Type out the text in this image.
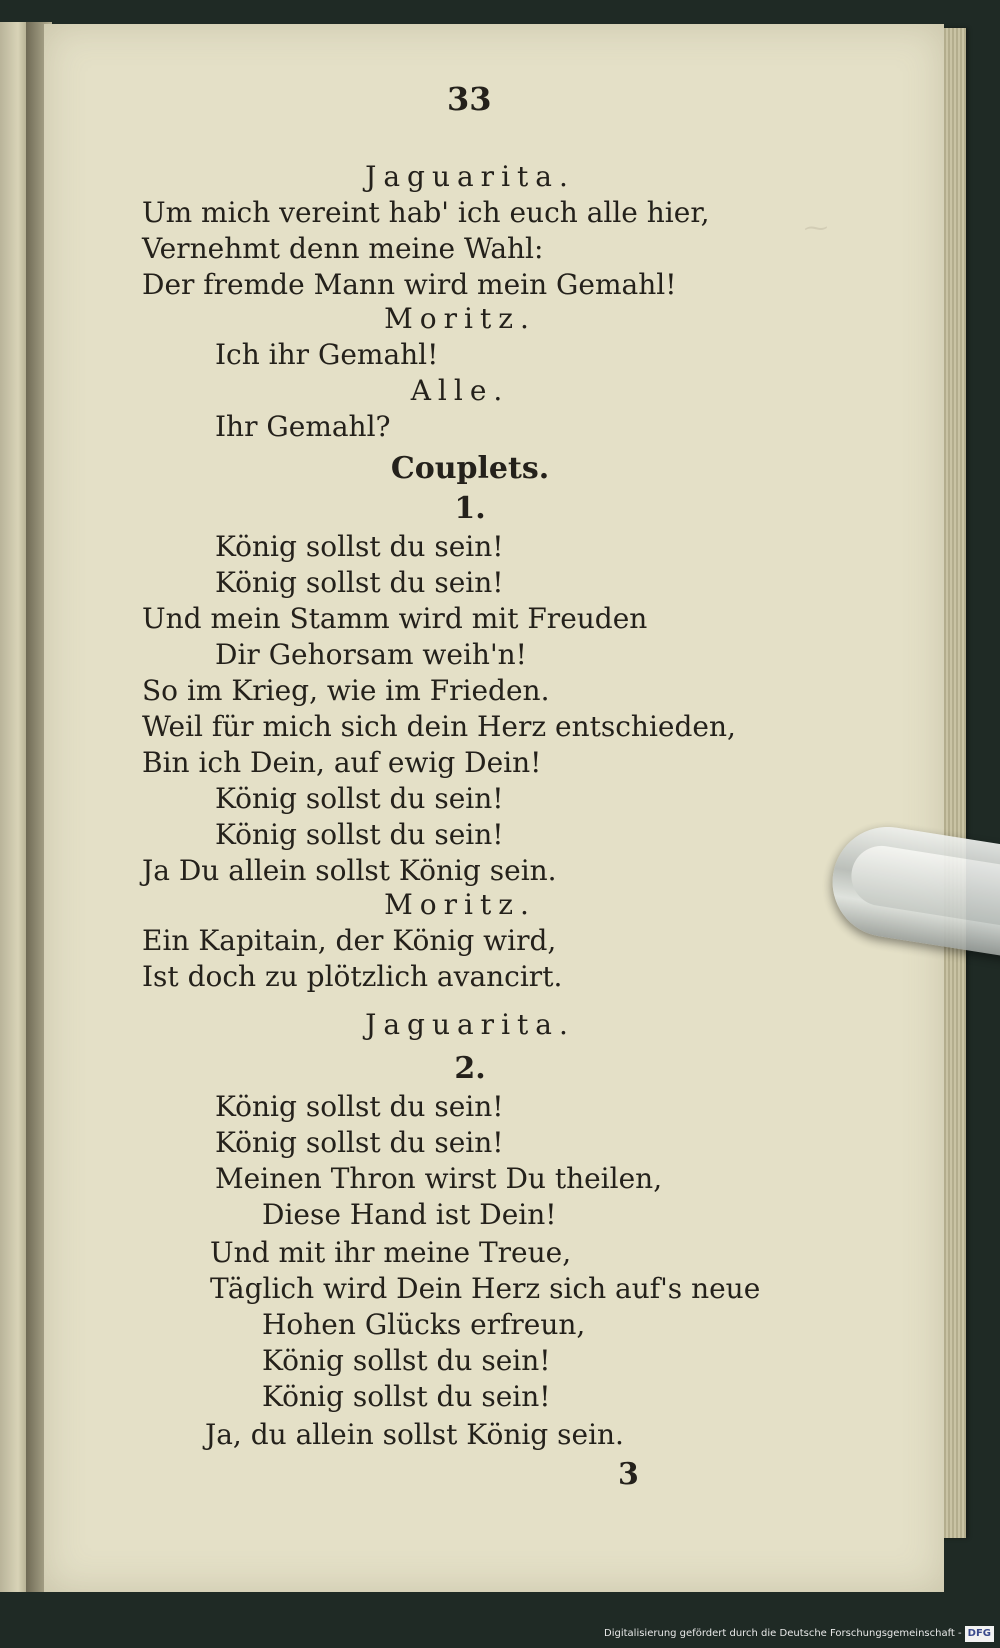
⁓
33
Jaguarita.
Um mich vereint hab' ich euch alle hier,
Vernehmt denn meine Wahl:
Der fremde Mann wird mein Gemahl!
Moritz.
Ich ihr Gemahl!
Alle.
Ihr Gemahl?
Couplets.
1.
König sollst du sein!
König sollst du sein!
Und mein Stamm wird mit Freuden
Dir Gehorsam weih'n!
So im Krieg, wie im Frieden.
Weil für mich sich dein Herz entschieden,
Bin ich Dein, auf ewig Dein!
König sollst du sein!
König sollst du sein!
Ja Du allein sollst König sein.
Moritz.
Ein Kapitain, der König wird,
Ist doch zu plötzlich avancirt.
Jaguarita.
2.
König sollst du sein!
König sollst du sein!
Meinen Thron wirst Du theilen,
Diese Hand ist Dein!
Und mit ihr meine Treue,
Täglich wird Dein Herz sich auf's neue
Hohen Glücks erfreun,
König sollst du sein!
König sollst du sein!
Ja, du allein sollst König sein.
3
Digitalisierung gefördert durch die Deutsche Forschungsgemeinschaft - DFG
